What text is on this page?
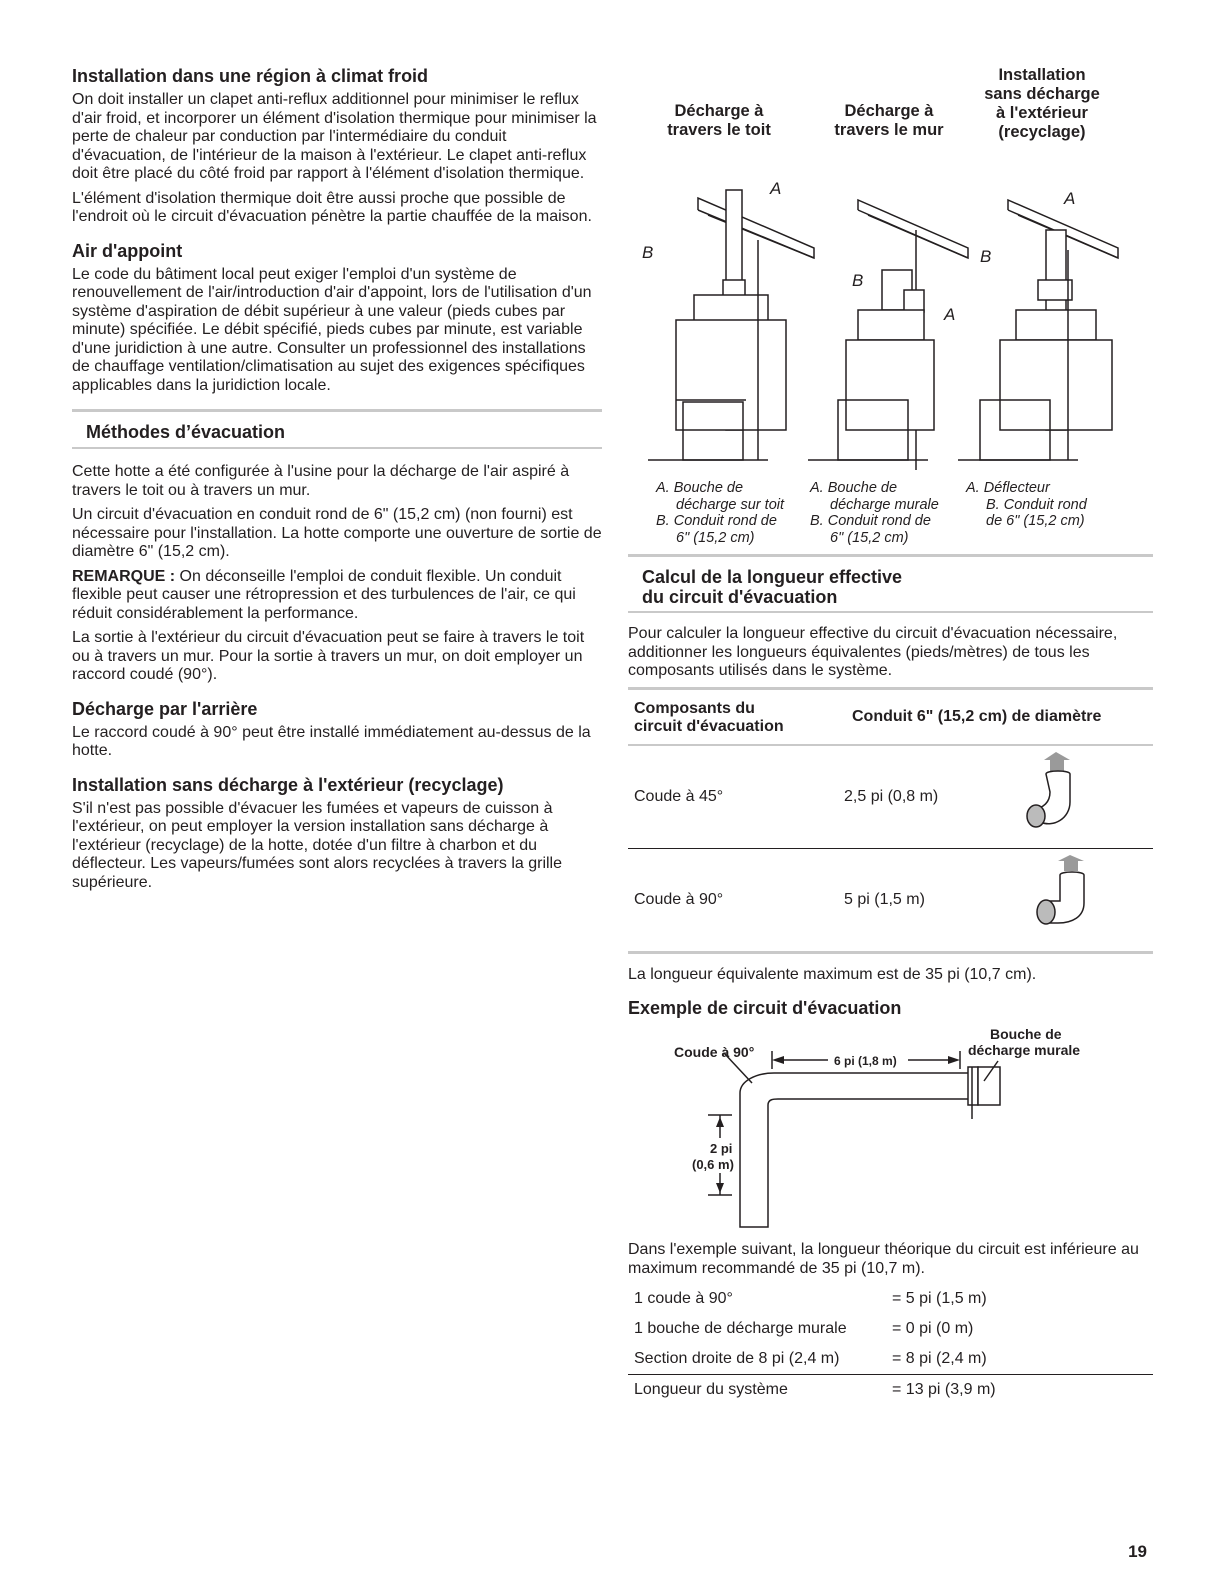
Installation dans une région à climat froid

On doit installer un clapet anti-reflux additionnel pour minimiser le reflux d'air froid, et incorporer un élément d'isolation thermique pour minimiser la perte de chaleur par conduction par l'intermédiaire du conduit d'évacuation, de l'intérieur de la maison à l'extérieur. Le clapet anti-reflux doit être placé du côté froid par rapport à l'élément d'isolation thermique.

L'élément d'isolation thermique doit être aussi proche que possible de l'endroit où le circuit d'évacuation pénètre la partie chauffée de la maison.

Air d'appoint

Le code du bâtiment local peut exiger l'emploi d'un système de renouvellement de l'air/introduction d'air d'appoint, lors de l'utilisation d'un système d'aspiration de débit supérieur à une valeur (pieds cubes par minute) spécifiée. Le débit spécifié, pieds cubes par minute, est variable d'une juridiction à une autre. Consulter un professionnel des installations de chauffage ventilation/climatisation au sujet des exigences spécifiques applicables dans la juridiction locale.

Méthodes d’évacuation

Cette hotte a été configurée à l'usine pour la décharge de l'air aspiré à travers le toit ou à travers un mur.

Un circuit d'évacuation en conduit rond de 6" (15,2 cm) (non fourni) est nécessaire pour l'installation. La hotte comporte une ouverture de sortie de diamètre 6" (15,2 cm).

REMARQUE : On déconseille l'emploi de conduit flexible. Un conduit flexible peut causer une rétropression et des turbulences de l'air, ce qui réduit considérablement la performance.

La sortie à l'extérieur du circuit d'évacuation peut se faire à travers le toit ou à travers un mur. Pour la sortie à travers un mur, on doit employer un raccord coudé (90°).

Décharge par l'arrière

Le raccord coudé à 90° peut être installé immédiatement au-dessus de la hotte.

Installation sans décharge à l'extérieur (recyclage)

S'il n'est pas possible d'évacuer les fumées et vapeurs de cuisson à l'extérieur, on peut employer la version installation sans décharge à l'extérieur (recyclage) de la hotte, dotée d'un filtre à charbon et du déflecteur. Les vapeurs/fumées sont alors recyclées à travers la grille supérieure.

Décharge à
travers le toit
Décharge à
travers le mur
Installation
sans décharge
à l'extérieur
(recyclage)
A
B
B
A
A
B
A. Bouche de
décharge sur toit
B. Conduit rond de
6" (15,2 cm)
A. Bouche de
décharge murale
B. Conduit rond de
6" (15,2 cm)
A. Déflecteur
B. Conduit rond
de 6" (15,2 cm)
Calcul de la longueur effective
du circuit d'évacuation

Pour calculer la longueur effective du circuit d'évacuation nécessaire, additionner les longueurs équivalentes (pieds/mètres) de tous les composants utilisés dans le système.

Composants du
circuit d'évacuation
Conduit 6" (15,2 cm) de diamètre
Coude à 45°	2,5 pi (0,8 m)
Coude à 90°	5 pi (1,5 m)

La longueur équivalente maximum est de 35 pi (10,7 cm).

Exemple de circuit d'évacuation
Coude à 90°
6 pi (1,8 m)
Bouche de
décharge murale
2 pi
(0,6 m)

Dans l'exemple suivant, la longueur théorique du circuit est inférieure au maximum recommandé de 35 pi (10,7 m).

1 coude à 90°	= 5 pi (1,5 m)
1 bouche de décharge murale	= 0 pi (0 m)
Section droite de 8 pi (2,4 m)	= 8 pi (2,4 m)
Longueur du système	= 13 pi (3,9 m)
19
